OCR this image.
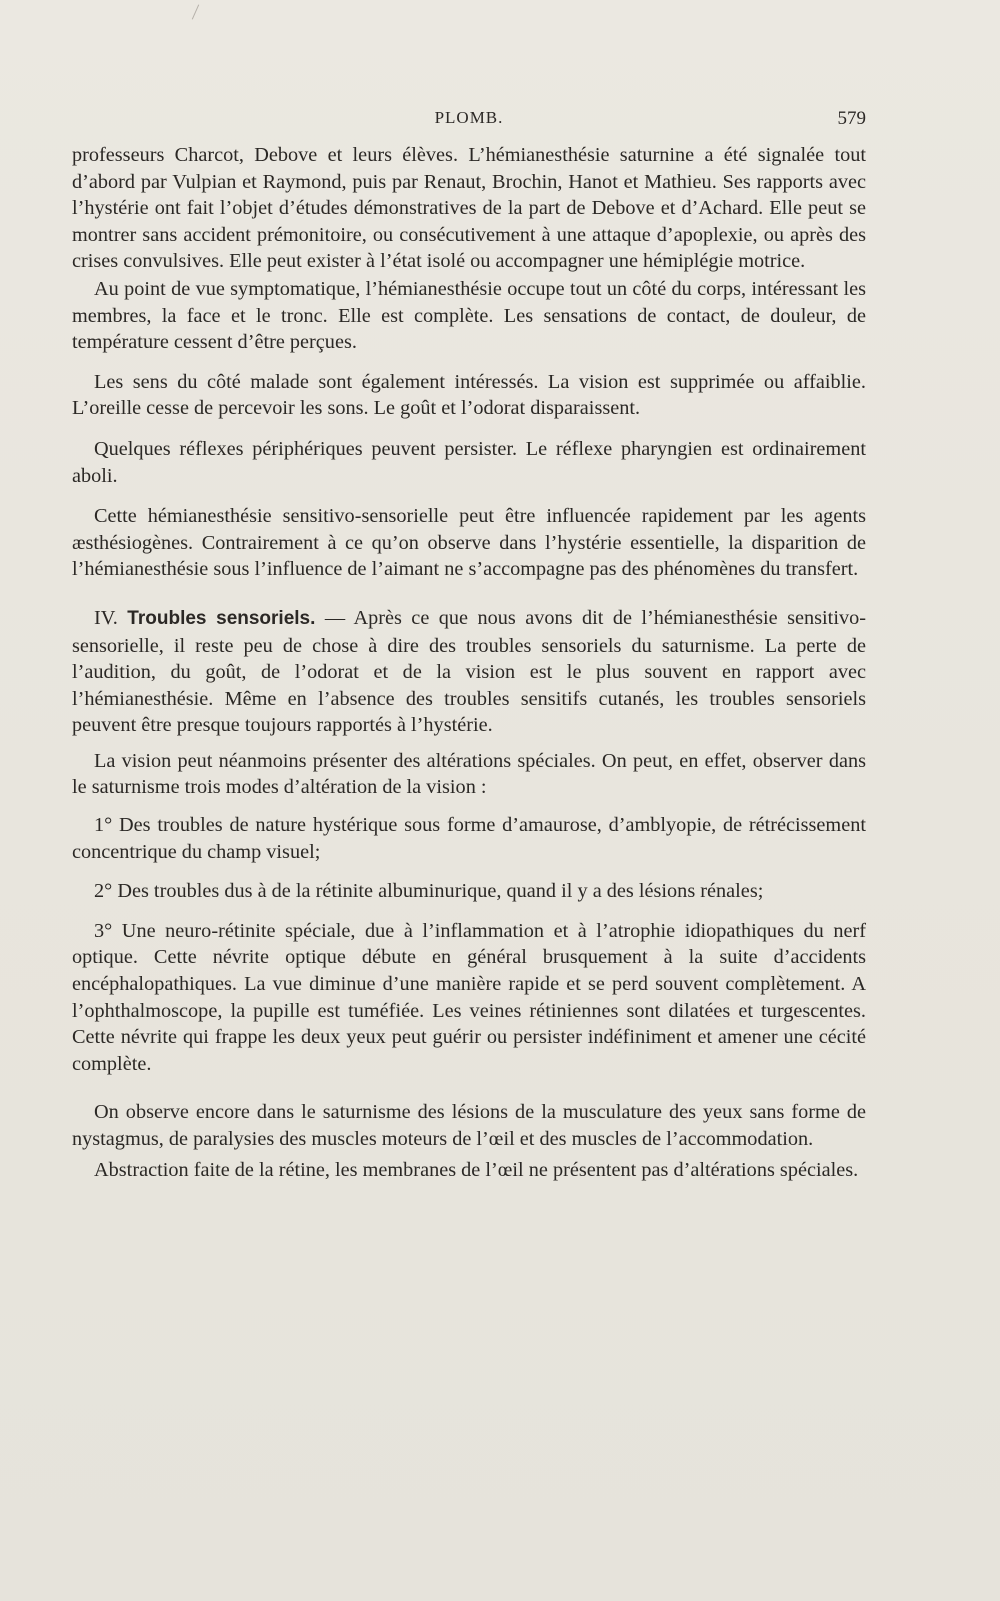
PLOMB.	579

professeurs Charcot, Debove et leurs élèves. L’hémianesthésie saturnine a été signalée tout d’abord par Vulpian et Raymond, puis par Renaut, Brochin, Hanot et Mathieu. Ses rapports avec l’hystérie ont fait l’objet d’études démonstratives de la part de Debove et d’Achard. Elle peut se montrer sans accident prémonitoire, ou consécutivement à une attaque d’apoplexie, ou après des crises convulsives. Elle peut exister à l’état isolé ou accompagner une hémiplégie motrice.

Au point de vue symptomatique, l’hémianesthésie occupe tout un côté du corps, intéressant les membres, la face et le tronc. Elle est complète. Les sensations de contact, de douleur, de température cessent d’être perçues.

Les sens du côté malade sont également intéressés. La vision est supprimée ou affaiblie. L’oreille cesse de percevoir les sons. Le goût et l’odorat disparaissent.

Quelques réflexes périphériques peuvent persister. Le réflexe pharyngien est ordinairement aboli.

Cette hémianesthésie sensitivo-sensorielle peut être influencée rapidement par les agents æsthésiogènes. Contrairement à ce qu’on observe dans l’hystérie essentielle, la disparition de l’hémianesthésie sous l’influence de l’aimant ne s’accompagne pas des phénomènes du transfert.

IV. Troubles sensoriels. — Après ce que nous avons dit de l’hémianesthésie sensitivo-sensorielle, il reste peu de chose à dire des troubles sensoriels du saturnisme. La perte de l’audition, du goût, de l’odorat et de la vision est le plus souvent en rapport avec l’hémianesthésie. Même en l’absence des troubles sensitifs cutanés, les troubles sensoriels peuvent être presque toujours rapportés à l’hystérie.

La vision peut néanmoins présenter des altérations spéciales. On peut, en effet, observer dans le saturnisme trois modes d’altération de la vision :

1° Des troubles de nature hystérique sous forme d’amaurose, d’amblyopie, de rétrécissement concentrique du champ visuel;

2° Des troubles dus à de la rétinite albuminurique, quand il y a des lésions rénales;

3° Une neuro-rétinite spéciale, due à l’inflammation et à l’atrophie idiopathiques du nerf optique. Cette névrite optique débute en général brusquement à la suite d’accidents encéphalopathiques. La vue diminue d’une manière rapide et se perd souvent complètement. A l’ophthalmoscope, la pupille est tuméfiée. Les veines rétiniennes sont dilatées et turgescentes. Cette névrite qui frappe les deux yeux peut guérir ou persister indéfiniment et amener une cécité complète.

On observe encore dans le saturnisme des lésions de la musculature des yeux sans forme de nystagmus, de paralysies des muscles moteurs de l’œil et des muscles de l’accommodation.

Abstraction faite de la rétine, les membranes de l’œil ne présentent pas d’altérations spéciales.
